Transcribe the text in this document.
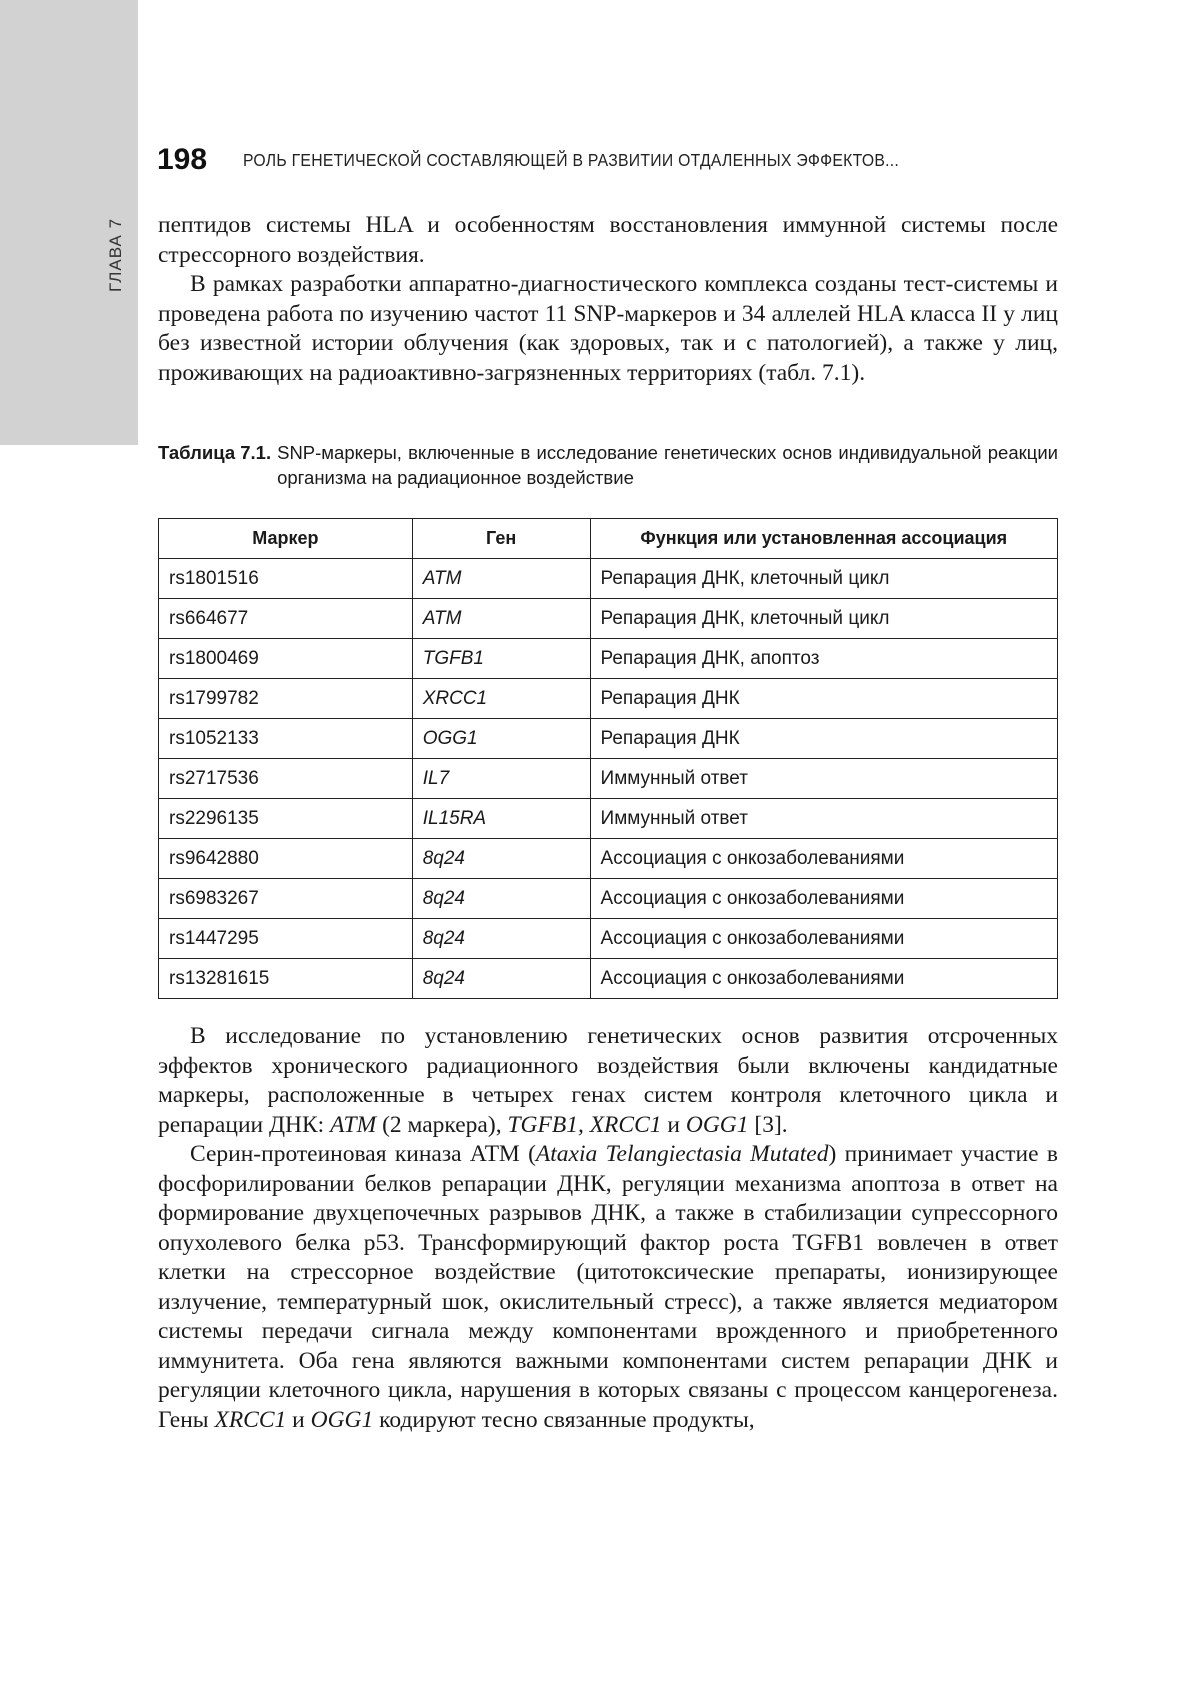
ГЛАВА 7
198 РОЛЬ ГЕНЕТИЧЕСКОЙ СОСТАВЛЯЮЩЕЙ В РАЗВИТИИ ОТДАЛЕННЫХ ЭФФЕКТОВ...

пептидов системы HLA и особенностям восстановления иммунной системы после стрессорного воздействия.

В рамках разработки аппаратно-диагностического комплекса созданы тест-системы и проведена работа по изучению частот 11 SNP-маркеров и 34 аллелей HLA класса II у лиц без известной истории облучения (как здоровых, так и с патологией), а также у лиц, проживающих на радиоактивно-загрязненных территориях (табл. 7.1).

Таблица 7.1. SNP-маркеры, включенные в исследование генетических основ индивидуальной реакции организма на радиационное воздействие
Маркер	Ген	Функция или установленная ассоциация
rs1801516	ATM	Репарация ДНК, клеточный цикл
rs664677	ATM	Репарация ДНК, клеточный цикл
rs1800469	TGFB1	Репарация ДНК, апоптоз
rs1799782	XRCC1	Репарация ДНК
rs1052133	OGG1	Репарация ДНК
rs2717536	IL7	Иммунный ответ
rs2296135	IL15RA	Иммунный ответ
rs9642880	8q24	Ассоциация с онкозаболеваниями
rs6983267	8q24	Ассоциация с онкозаболеваниями
rs1447295	8q24	Ассоциация с онкозаболеваниями
rs13281615	8q24	Ассоциация с онкозаболеваниями

В исследование по установлению генетических основ развития отсроченных эффектов хронического радиационного воздействия были включены кандидатные маркеры, расположенные в четырех генах систем контроля клеточного цикла и репарации ДНК: ATM (2 маркера), TGFB1, XRCC1 и OGG1 [3].

Серин-протеиновая киназа АТМ (Ataxia Telangiectasia Mutated) принимает участие в фосфорилировании белков репарации ДНК, регуляции механизма апоптоза в ответ на формирование двухцепочечных разрывов ДНК, а также в стабилизации супрессорного опухолевого белка p53. Трансформирующий фактор роста TGFB1 вовлечен в ответ клетки на стрессорное воздействие (цитотоксические препараты, ионизирующее излучение, температурный шок, окислительный стресс), а также является медиатором системы передачи сигнала между компонентами врожденного и приобретенного иммунитета. Оба гена являются важными компонентами систем репарации ДНК и регуляции клеточного цикла, нарушения в которых связаны с процессом канцерогенеза. Гены XRCC1 и OGG1 кодируют тесно связанные продукты,
